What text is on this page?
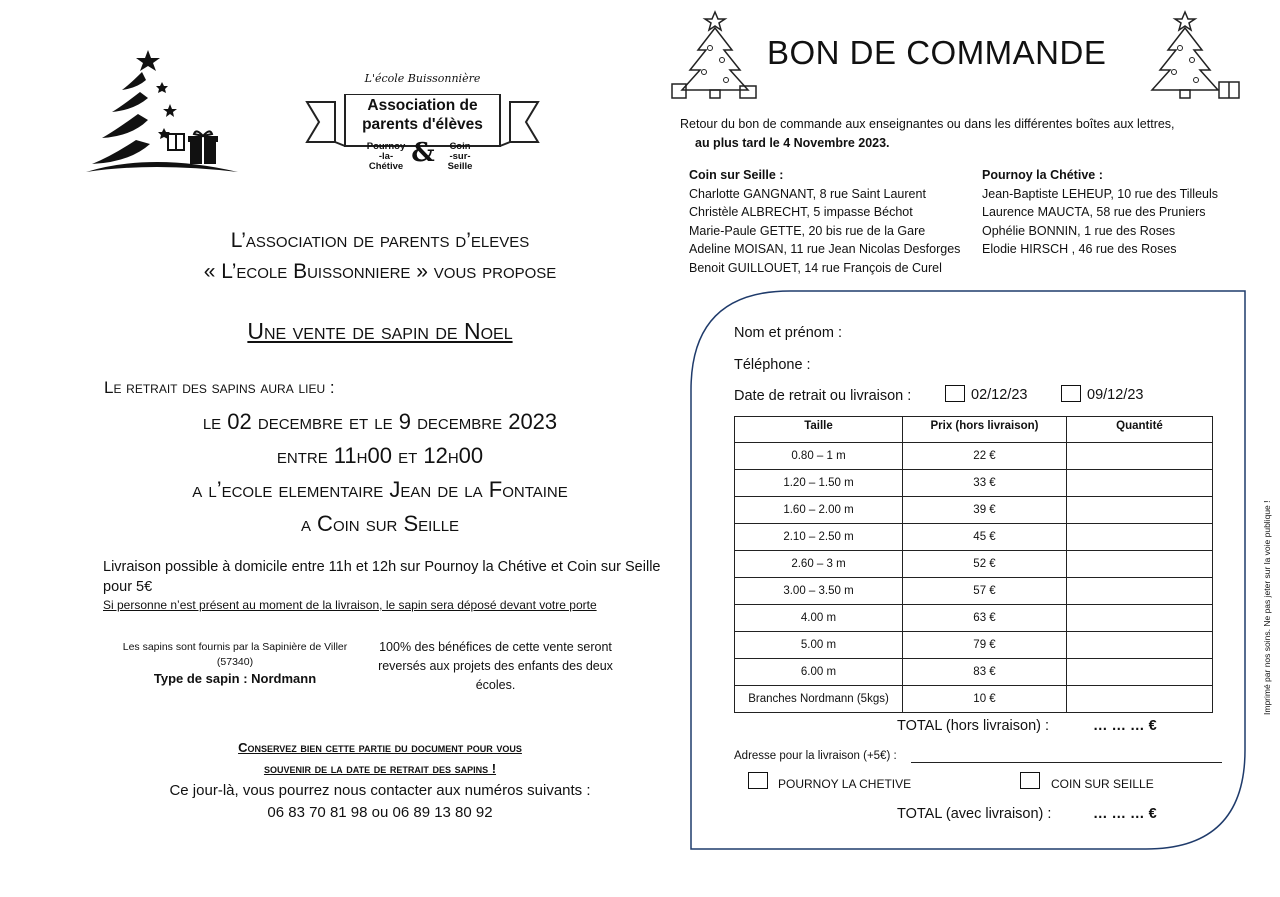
L'école Buissonnière
Association de
parents d'élèves
Pournoy
-la-
Chétive &	Coin
-sur-
Seille
L’association de parents d’eleves
« L’ecole Buissonniere » vous propose
Une vente de sapin de Noel
Le retrait des sapins aura lieu :
le 02 decembre et le 9 decembre 2023
entre 11h00 et 12h00
a l’ecole elementaire Jean de la Fontaine
a Coin sur Seille
Livraison possible à domicile entre 11h et 12h sur Pournoy la Chétive et Coin sur Seille pour 5€
Si personne n’est présent au moment de la livraison, le sapin sera déposé devant votre porte
Les sapins sont fournis par la Sapinière de Viller (57340)
Type de sapin : Nordmann
100% des bénéfices de cette vente seront reversés aux projets des enfants des deux écoles.
Conservez bien cette partie du document pour vous
souvenir de la date de retrait des sapins !
Ce jour-là, vous pourrez nous contacter aux numéros suivants :
06 83 70 81 98 ou 06 89 13 80 92
BON DE COMMANDE
Retour du bon de commande aux enseignantes ou dans les différentes boîtes aux lettres,
au plus tard le 4 Novembre 2023.
Coin sur Seille :
Charlotte GANGNANT, 8 rue Saint Laurent
Christèle ALBRECHT, 5 impasse Béchot
Marie-Paule GETTE, 20 bis rue de la Gare
Adeline MOISAN, 11 rue Jean Nicolas Desforges
Benoit GUILLOUET, 14 rue François de Curel
Pournoy la Chétive :
Jean-Baptiste LEHEUP, 10 rue des Tilleuls
Laurence MAUCTA, 58 rue des Pruniers
Ophélie BONNIN, 1 rue des Roses
Elodie HIRSCH , 46 rue des Roses
Nom et prénom :
Téléphone :
Date de retrait ou livraison :	02/12/23	09/12/23
Taille	Prix (hors livraison)	Quantité
0.80 – 1 m	22 €	
1.20 – 1.50 m	33 €	
1.60 – 2.00 m	39 €	
2.10 – 2.50 m	45 €	
2.60 – 3 m	52 €	
3.00 – 3.50 m	57 €	
4.00 m	63 €	
5.00 m	79 €	
6.00 m	83 €	
Branches Nordmann (5kgs)	10 €	
TOTAL (hors livraison) :	… … … €
Adresse pour la livraison (+5€) :
POURNOY LA CHETIVE	COIN SUR SEILLE
TOTAL (avec livraison) :	… … … €
Imprimé par nos soins. Ne pas jeter sur la voie publique !
